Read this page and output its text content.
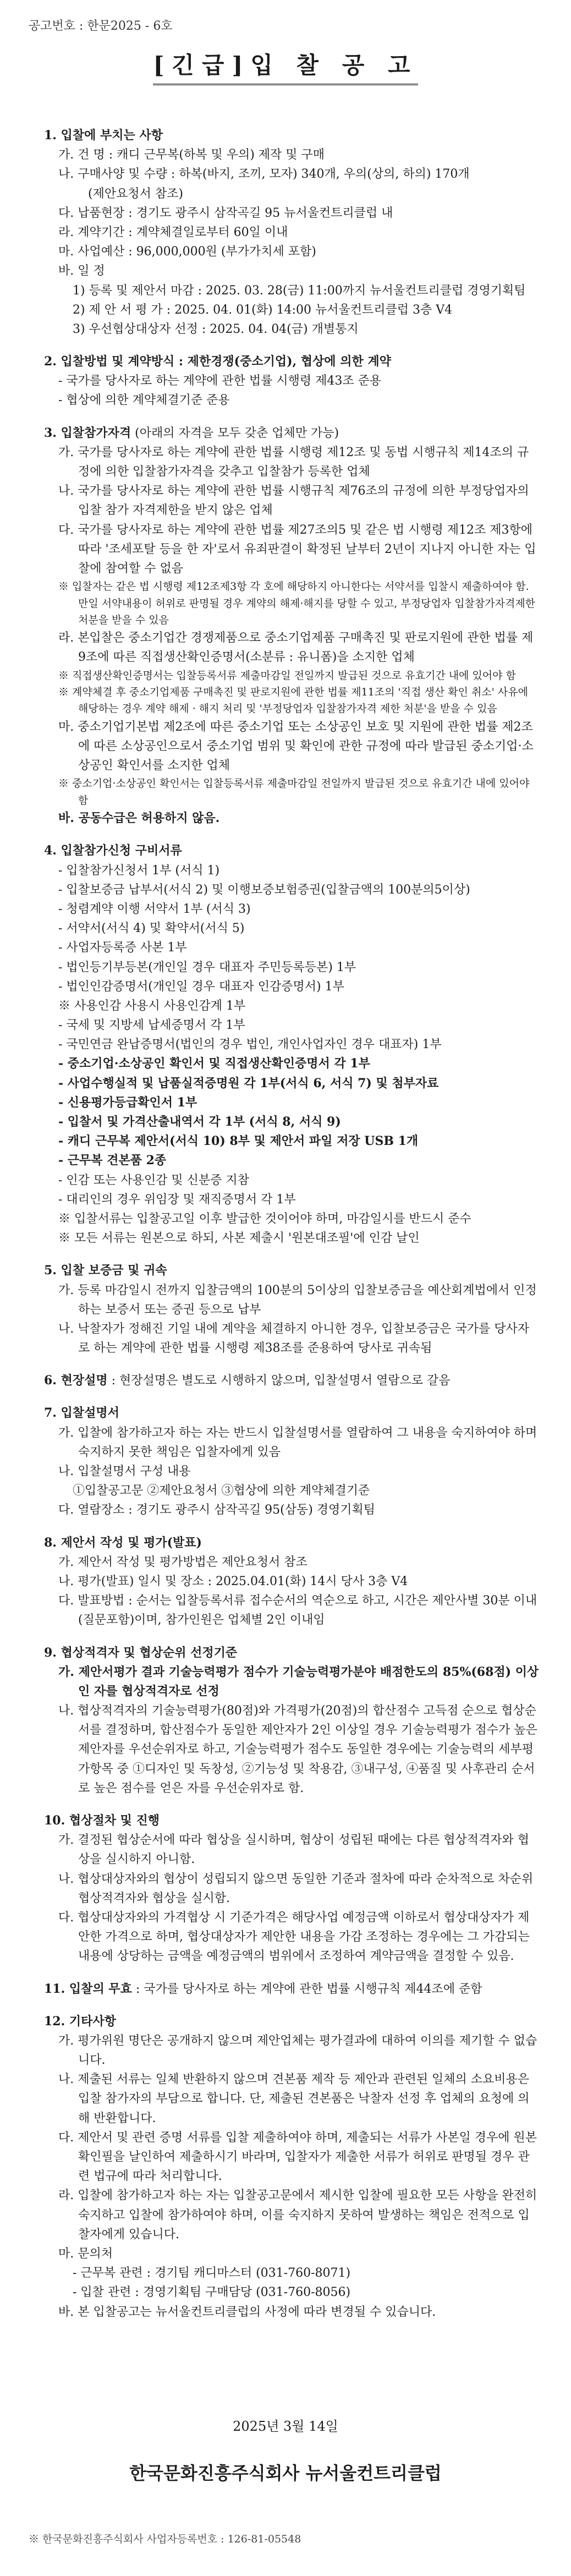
공고번호 : 한문2025 - 6호
[긴급]입 찰 공 고

1. 입찰에 부치는 사항

가. 건 명 : 캐디 근무복(하복 및 우의) 제작 및 구매

나. 구매사양 및 수량 : 하복(바지, 조끼, 모자) 340개, 우의(상의, 하의) 170개

(제안요청서 참조)

다. 납품현장 : 경기도 광주시 삼작곡길 95 뉴서울컨트리클럽 내

라. 계약기간 : 계약체결일로부터 60일 이내

마. 사업예산 : 96,000,000원 (부가가치세 포함)

바. 일 정

1) 등록 및 제안서 마감 : 2025. 03. 28(금) 11:00까지 뉴서울컨트리클럽 경영기획팀

2) 제 안 서 평 가 : 2025. 04. 01(화) 14:00 뉴서울컨트리클럽 3층 V4

3) 우선협상대상자 선정 : 2025. 04. 04(금) 개별통지

2. 입찰방법 및 계약방식 : 제한경쟁(중소기업), 협상에 의한 계약

- 국가를 당사자로 하는 계약에 관한 법률 시행령 제43조 준용

- 협상에 의한 계약체결기준 준용

3. 입찰참가자격 (아래의 자격을 모두 갖춘 업체만 가능)

가. 국가를 당사자로 하는 계약에 관한 법률 시행령 제12조 및 동법 시행규칙 제14조의 규정에 의한 입찰참가자격을 갖추고 입찰참가 등록한 업체

나. 국가를 당사자로 하는 계약에 관한 법률 시행규칙 제76조의 규정에 의한 부정당업자의 입찰 참가 자격제한을 받지 않은 업체

다. 국가를 당사자로 하는 계약에 관한 법률 제27조의5 및 같은 법 시행령 제12조 제3항에 따라 '조세포탈 등을 한 자'로서 유죄판결이 확정된 날부터 2년이 지나지 아니한 자는 입찰에 참여할 수 없음

※ 입찰자는 같은 법 시행령 제12조제3항 각 호에 해당하지 아니한다는 서약서를 입찰시 제출하여야 함. 만일 서약내용이 허위로 판명될 경우 계약의 해제·해지를 당할 수 있고, 부정당업자 입찰참가자격제한처분을 받을 수 있음

라. 본입찰은 중소기업간 경쟁제품으로 중소기업제품 구매촉진 및 판로지원에 관한 법률 제9조에 따른 직접생산확인증명서(소분류 : 유니폼)을 소지한 업체

※ 직접생산확인증명서는 입찰등록서류 제출마감일 전일까지 발급된 것으로 유효기간 내에 있어야 함

※ 계약체결 후 중소기업제품 구매촉진 및 판로지원에 관한 법률 제11조의 '직접 생산 확인 취소' 사유에 해당하는 경우 계약 해제 · 해지 처리 및 '부정당업자 입찰참가자격 제한 처분'을 받을 수 있음

마. 중소기업기본법 제2조에 따른 중소기업 또는 소상공인 보호 및 지원에 관한 법률 제2조에 따른 소상공인으로서 중소기업 범위 및 확인에 관한 규정에 따라 발급된 중소기업·소상공인 확인서를 소지한 업체

※ 중소기업·소상공인 확인서는 입찰등록서류 제출마감일 전일까지 발급된 것으로 유효기간 내에 있어야 함

바. 공동수급은 허용하지 않음.

4. 입찰참가신청 구비서류

- 입찰참가신청서 1부 (서식 1)

- 입찰보증금 납부서(서식 2) 및 이행보증보험증권(입찰금액의 100분의5이상)

- 청렴계약 이행 서약서 1부 (서식 3)

- 서약서(서식 4) 및 확약서(서식 5)

- 사업자등록증 사본 1부

- 법인등기부등본(개인일 경우 대표자 주민등록등본) 1부

- 법인인감증명서(개인일 경우 대표자 인감증명서) 1부

※ 사용인감 사용시 사용인감계 1부

- 국세 및 지방세 납세증명서 각 1부

- 국민연금 완납증명서(법인의 경우 법인, 개인사업자인 경우 대표자) 1부

- 중소기업·소상공인 확인서 및 직접생산확인증명서 각 1부

- 사업수행실적 및 납품실적증명원 각 1부(서식 6, 서식 7) 및 첨부자료

- 신용평가등급확인서 1부

- 입찰서 및 가격산출내역서 각 1부 (서식 8, 서식 9)

- 캐디 근무복 제안서(서식 10) 8부 및 제안서 파일 저장 USB 1개

- 근무복 견본품 2종

- 인감 또는 사용인감 및 신분증 지참

- 대리인의 경우 위임장 및 재직증명서 각 1부

※ 입찰서류는 입찰공고일 이후 발급한 것이어야 하며, 마감일시를 반드시 준수

※ 모든 서류는 원본으로 하되, 사본 제출시 '원본대조필'에 인감 날인

5. 입찰 보증금 및 귀속

가. 등록 마감일시 전까지 입찰금액의 100분의 5이상의 입찰보증금을 예산회계법에서 인정하는 보증서 또는 증권 등으로 납부

나. 낙찰자가 정해진 기일 내에 계약을 체결하지 아니한 경우, 입찰보증금은 국가를 당사자로 하는 계약에 관한 법률 시행령 제38조를 준용하여 당사로 귀속됨

6. 현장설명 : 현장설명은 별도로 시행하지 않으며, 입찰설명서 열람으로 갈음

7. 입찰설명서

가. 입찰에 참가하고자 하는 자는 반드시 입찰설명서를 열람하여 그 내용을 숙지하여야 하며 숙지하지 못한 책임은 입찰자에게 있음

나. 입찰설명서 구성 내용

①입찰공고문 ②제안요청서 ③협상에 의한 계약체결기준

다. 열람장소 : 경기도 광주시 삼작곡길 95(삼동) 경영기획팀

8. 제안서 작성 및 평가(발표)

가. 제안서 작성 및 평가방법은 제안요청서 참조

나. 평가(발표) 일시 및 장소 : 2025.04.01(화) 14시 당사 3층 V4

다. 발표방법 : 순서는 입찰등록서류 접수순서의 역순으로 하고, 시간은 제안사별 30분 이내(질문포함)이며, 참가인원은 업체별 2인 이내임

9. 협상적격자 및 협상순위 선정기준

가. 제안서평가 결과 기술능력평가 점수가 기술능력평가분야 배점한도의 85%(68점) 이상인 자를 협상적격자로 선정

나. 협상적격자의 기술능력평가(80점)와 가격평가(20점)의 합산점수 고득점 순으로 협상순서를 결정하며, 합산점수가 동일한 제안자가 2인 이상일 경우 기술능력평가 점수가 높은 제안자를 우선순위자로 하고, 기술능력평가 점수도 동일한 경우에는 기술능력의 세부평가항목 중 ①디자인 및 독창성, ②기능성 및 착용감, ③내구성, ④품질 및 사후관리 순서로 높은 점수를 얻은 자를 우선순위자로 함.

10. 협상절차 및 진행

가. 결정된 협상순서에 따라 협상을 실시하며, 협상이 성립된 때에는 다른 협상적격자와 협상을 실시하지 아니함.

나. 협상대상자와의 협상이 성립되지 않으면 동일한 기준과 절차에 따라 순차적으로 차순위 협상적격자와 협상을 실시함.

다. 협상대상자와의 가격협상 시 기준가격은 해당사업 예정금액 이하로서 협상대상자가 제안한 가격으로 하며, 협상대상자가 제안한 내용을 가감 조정하는 경우에는 그 가감되는 내용에 상당하는 금액을 예정금액의 범위에서 조정하여 계약금액을 결정할 수 있음.

11. 입찰의 무효 : 국가를 당사자로 하는 계약에 관한 법률 시행규칙 제44조에 준함

12. 기타사항

가. 평가위원 명단은 공개하지 않으며 제안업체는 평가결과에 대하여 이의를 제기할 수 없습니다.

나. 제출된 서류는 일체 반환하지 않으며 견본품 제작 등 제안과 관련된 일체의 소요비용은 입찰 참가자의 부담으로 합니다. 단, 제출된 견본품은 낙찰자 선정 후 업체의 요청에 의해 반환합니다.

다. 제안서 및 관련 증명 서류를 입찰 제출하여야 하며, 제출되는 서류가 사본일 경우에 원본확인필을 날인하여 제출하시기 바라며, 입찰자가 제출한 서류가 허위로 판명될 경우 관련 법규에 따라 처리합니다.

라. 입찰에 참가하고자 하는 자는 입찰공고문에서 제시한 입찰에 필요한 모든 사항을 완전히 숙지하고 입찰에 참가하여야 하며, 이를 숙지하지 못하여 발생하는 책임은 전적으로 입찰자에게 있습니다.

마. 문의처

- 근무복 관련 : 경기팀 캐디마스터 (031-760-8071)

- 입찰 관련 : 경영기획팀 구매담당 (031-760-8056)

바. 본 입찰공고는 뉴서울컨트리클럽의 사정에 따라 변경될 수 있습니다.

2025년 3월 14일
한국문화진흥주식회사 뉴서울컨트리클럽
※ 한국문화진흥주식회사 사업자등록번호 : 126-81-05548
